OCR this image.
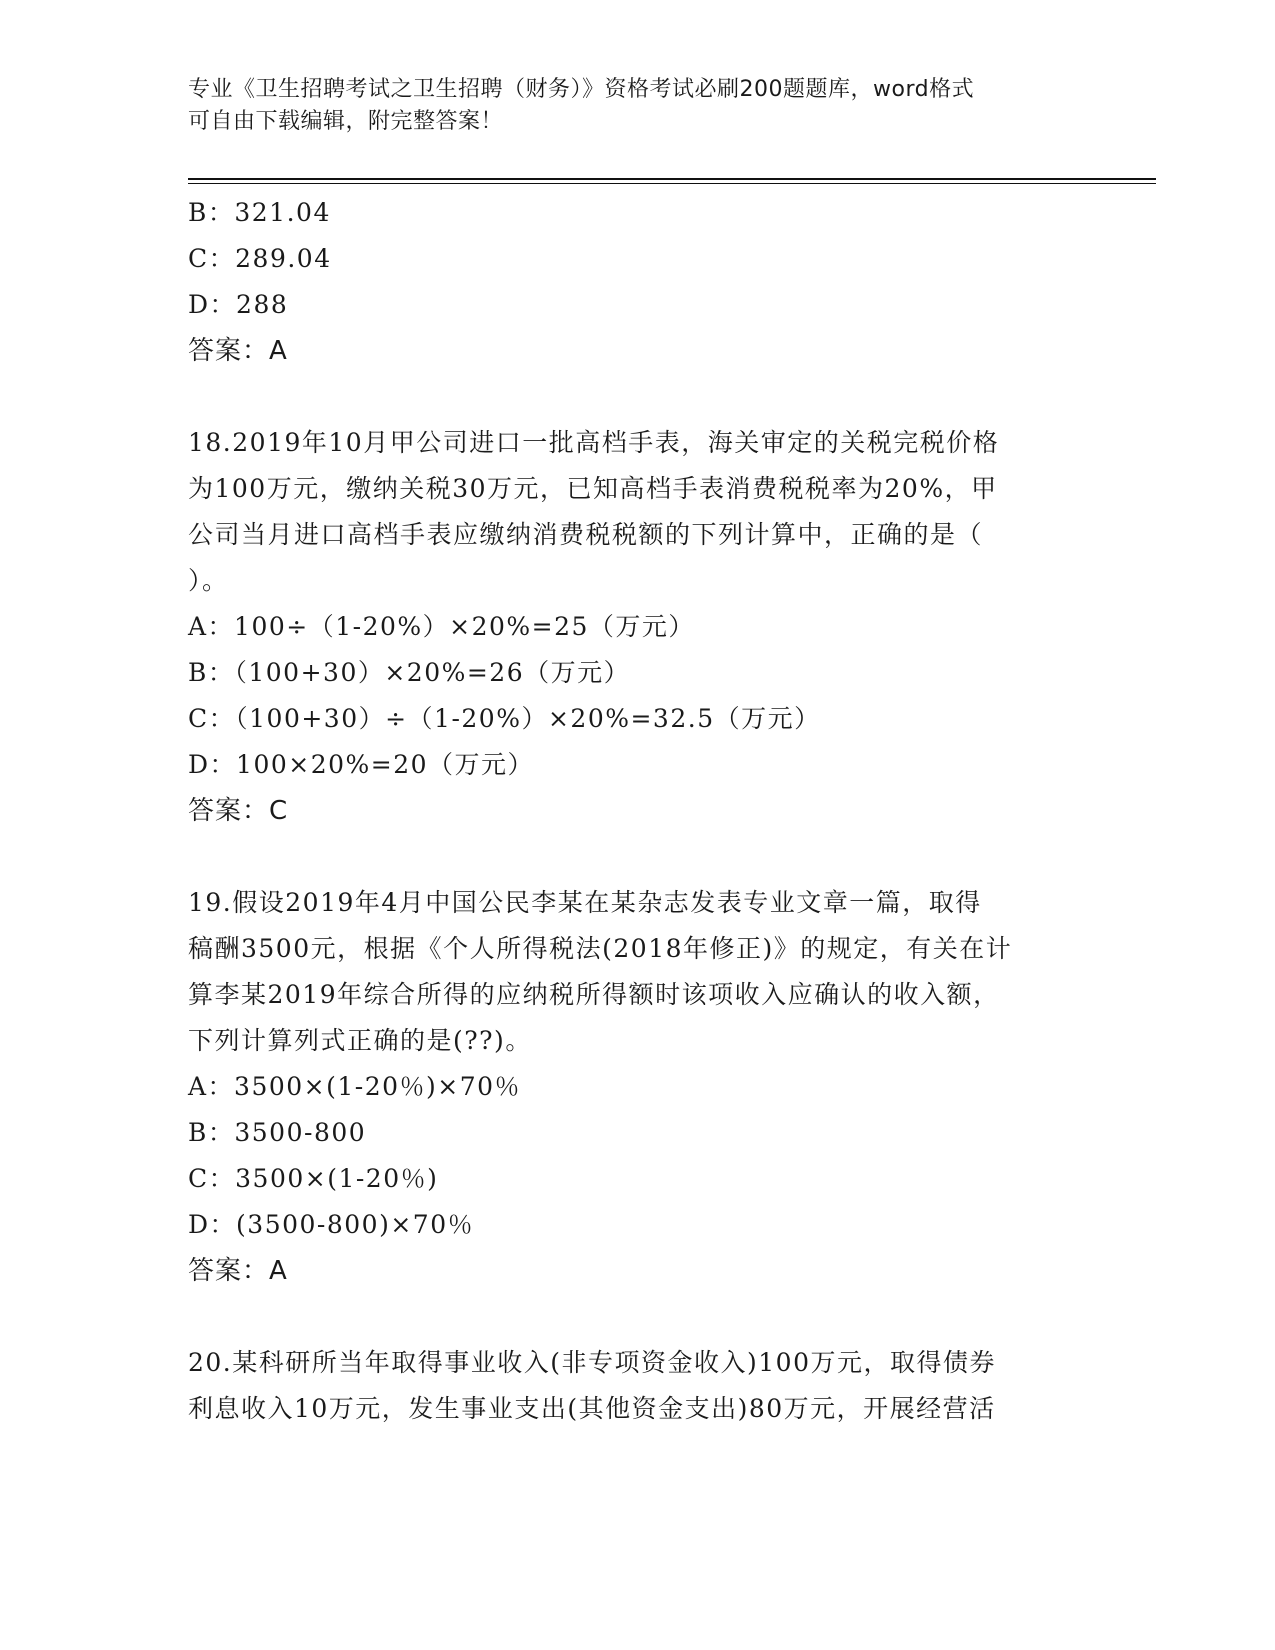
专业《卫生招聘考试之卫生招聘（财务）》资格考试必刷200题题库，word格式
可自由下载编辑，附完整答案！
B：321.04
C：289.04
D：288
答案：A
18.2019年10月甲公司进口一批高档手表，海关审定的关税完税价格
为100万元，缴纳关税30万元，已知高档手表消费税税率为20%，甲
公司当月进口高档手表应缴纳消费税税额的下列计算中，正确的是（
）。
A：100÷（1-20%）×20%=25（万元）
B：（100+30）×20%=26（万元）
C：（100+30）÷（1-20%）×20%=32.5（万元）
D：100×20%=20（万元）
答案：C
19.假设2019年4月中国公民李某在某杂志发表专业文章一篇，取得
稿酬3500元，根据《个人所得税法(2018年修正)》的规定，有关在计
算李某2019年综合所得的应纳税所得额时该项收入应确认的收入额，
下列计算列式正确的是(??)。
A：3500×(1-20％)×70％
B：3500-800
C：3500×(1-20％)
D：(3500-800)×70％
答案：A
20.某科研所当年取得事业收入(非专项资金收入)100万元，取得债券
利息收入10万元，发生事业支出(其他资金支出)80万元，开展经营活
